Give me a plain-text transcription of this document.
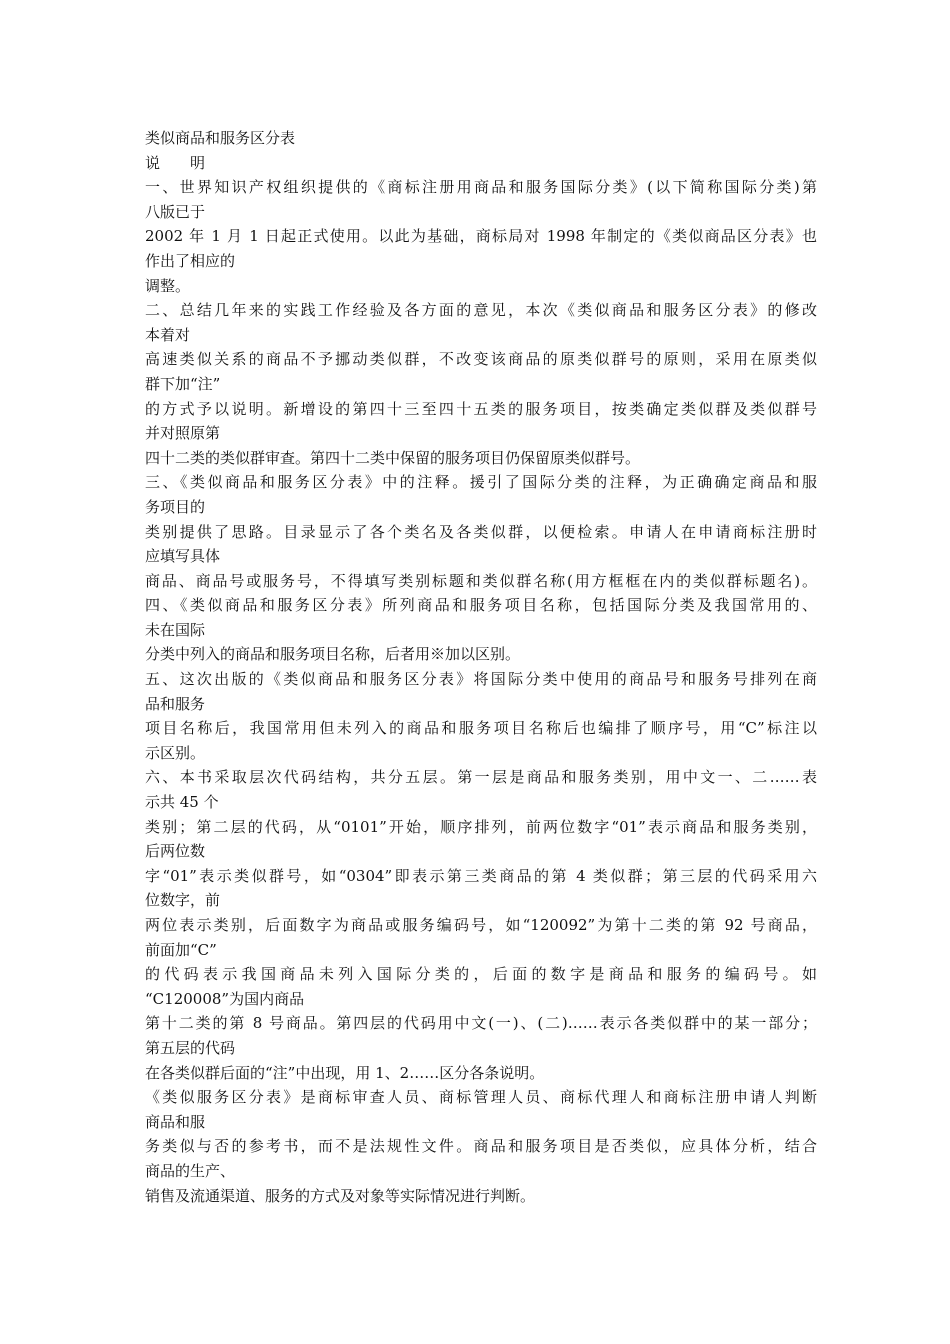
类似商品和服务区分表
说　　明
一、世界知识产权组织提供的《商标注册用商品和服务国际分类》(以下简称国际分类)第
八版已于
2002 年 1 月 1 日起正式使用。以此为基础，商标局对 1998 年制定的《类似商品区分表》也
作出了相应的
调整。
二、总结几年来的实践工作经验及各方面的意见，本次《类似商品和服务区分表》的修改
本着对
高速类似关系的商品不予挪动类似群，不改变该商品的原类似群号的原则，采用在原类似
群下加“注”
的方式予以说明。新增设的第四十三至四十五类的服务项目，按类确定类似群及类似群号
并对照原第
四十二类的类似群审查。第四十二类中保留的服务项目仍保留原类似群号。
三、《类似商品和服务区分表》中的注释。援引了国际分类的注释，为正确确定商品和服
务项目的
类别提供了思路。目录显示了各个类名及各类似群，以便检索。申请人在申请商标注册时
应填写具体
商品、商品号或服务号，不得填写类别标题和类似群名称(用方框框在内的类似群标题名)。
四、《类似商品和服务区分表》所列商品和服务项目名称，包括国际分类及我国常用的、
未在国际
分类中列入的商品和服务项目名称，后者用※加以区别。
五、这次出版的《类似商品和服务区分表》将国际分类中使用的商品号和服务号排列在商
品和服务
项目名称后，我国常用但未列入的商品和服务项目名称后也编排了顺序号，用“C”标注以
示区别。
六、本书采取层次代码结构，共分五层。第一层是商品和服务类别，用中文一、二……表
示共 45 个
类别；第二层的代码，从“0101”开始，顺序排列，前两位数字“01”表示商品和服务类别，
后两位数
字“01”表示类似群号，如“0304”即表示第三类商品的第 4 类似群；第三层的代码采用六
位数字，前
两位表示类别，后面数字为商品或服务编码号，如“120092”为第十二类的第 92 号商品，
前面加“C”
的代码表示我国商品未列入国际分类的，后面的数字是商品和服务的编码号。如
“C120008”为国内商品
第十二类的第 8 号商品。第四层的代码用中文(一)、(二)……表示各类似群中的某一部分；
第五层的代码
在各类似群后面的“注”中出现，用 1、2……区分各条说明。
《类似服务区分表》是商标审查人员、商标管理人员、商标代理人和商标注册申请人判断
商品和服
务类似与否的参考书，而不是法规性文件。商品和服务项目是否类似，应具体分析，结合
商品的生产、
销售及流通渠道、服务的方式及对象等实际情况进行判断。
